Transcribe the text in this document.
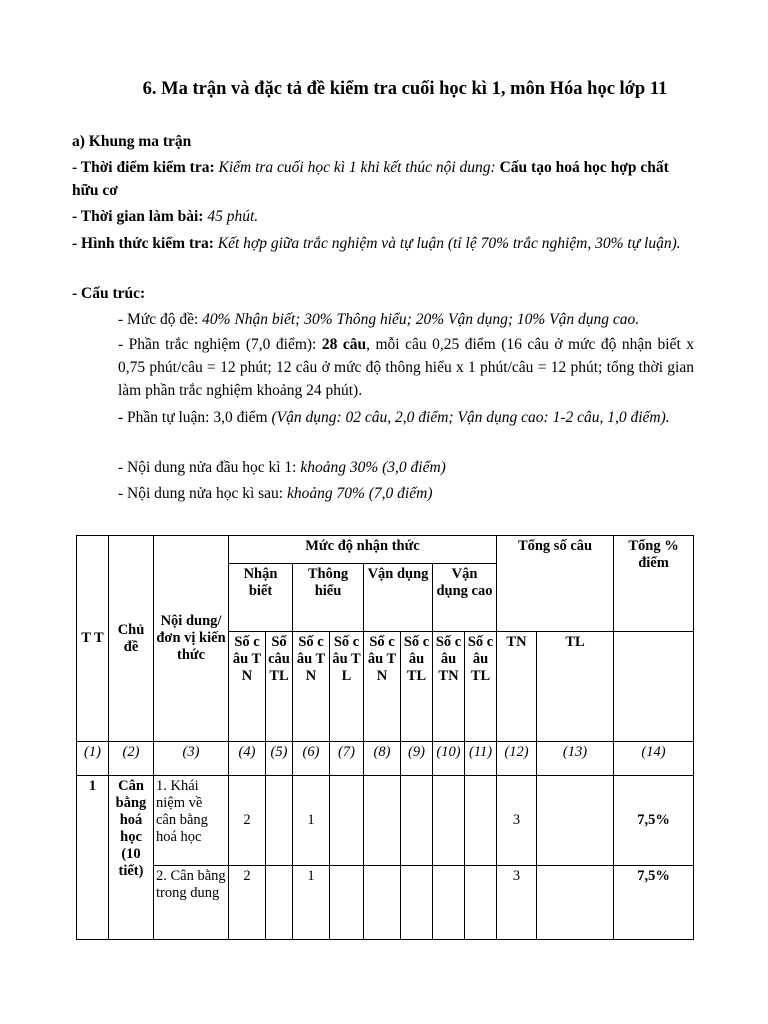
6. Ma trận và đặc tả đề kiểm tra cuối học kì 1, môn Hóa học lớp 11
a) Khung ma trận
- Thời điểm kiểm tra: Kiểm tra cuối học kì 1 khi kết thúc nội dung: Cấu tạo hoá học hợp chất hữu cơ
- Thời gian làm bài: 45 phút.
- Hình thức kiểm tra: Kết hợp giữa trắc nghiệm và tự luận (tỉ lệ 70% trắc nghiệm, 30% tự luận).
- Cấu trúc:
- Mức độ đề: 40% Nhận biết; 30% Thông hiểu; 20% Vận dụng; 10% Vận dụng cao.
- Phần trắc nghiệm (7,0 điểm): 28 câu, mỗi câu 0,25 điểm (16 câu ở mức độ nhận biết x 0,75 phút/câu = 12 phút; 12 câu ở mức độ thông hiểu x 1 phút/câu = 12 phút; tổng thời gian làm phần trắc nghiệm khoảng 24 phút).
- Phần tự luận: 3,0 điểm (Vận dụng: 02 câu, 2,0 điểm; Vận dụng cao: 1-2 câu, 1,0 điểm).
- Nội dung nửa đầu học kì 1: khoảng 30% (3,0 điểm)
- Nội dung nửa học kì sau: khoảng 70% (7,0 điểm)
T T	Chủ đề	Nội dung/đơn vị kiến thức	Mức độ nhận thức								Tổng số câu		Tổng % điểm
			Nhận biết		Thông hiểu		Vận dụng		Vận dụng cao				
			Số câu TN	Số câu TL	Số câu TN	Số câu TL	Số câu TN	Số câu TL	Số câu TN	Số câu TL	TN	TL	
(1)	(2)	(3)	(4)	(5)	(6)	(7)	(8)	(9)	(10)	(11)	(12)	(13)	(14)
1	Cân bằng hoá học (10 tiết)	1. Khái niệm về cân bằng hoá học	2		1						3		7,5%
		2. Cân bằng trong dung	2		1						3		7,5%
